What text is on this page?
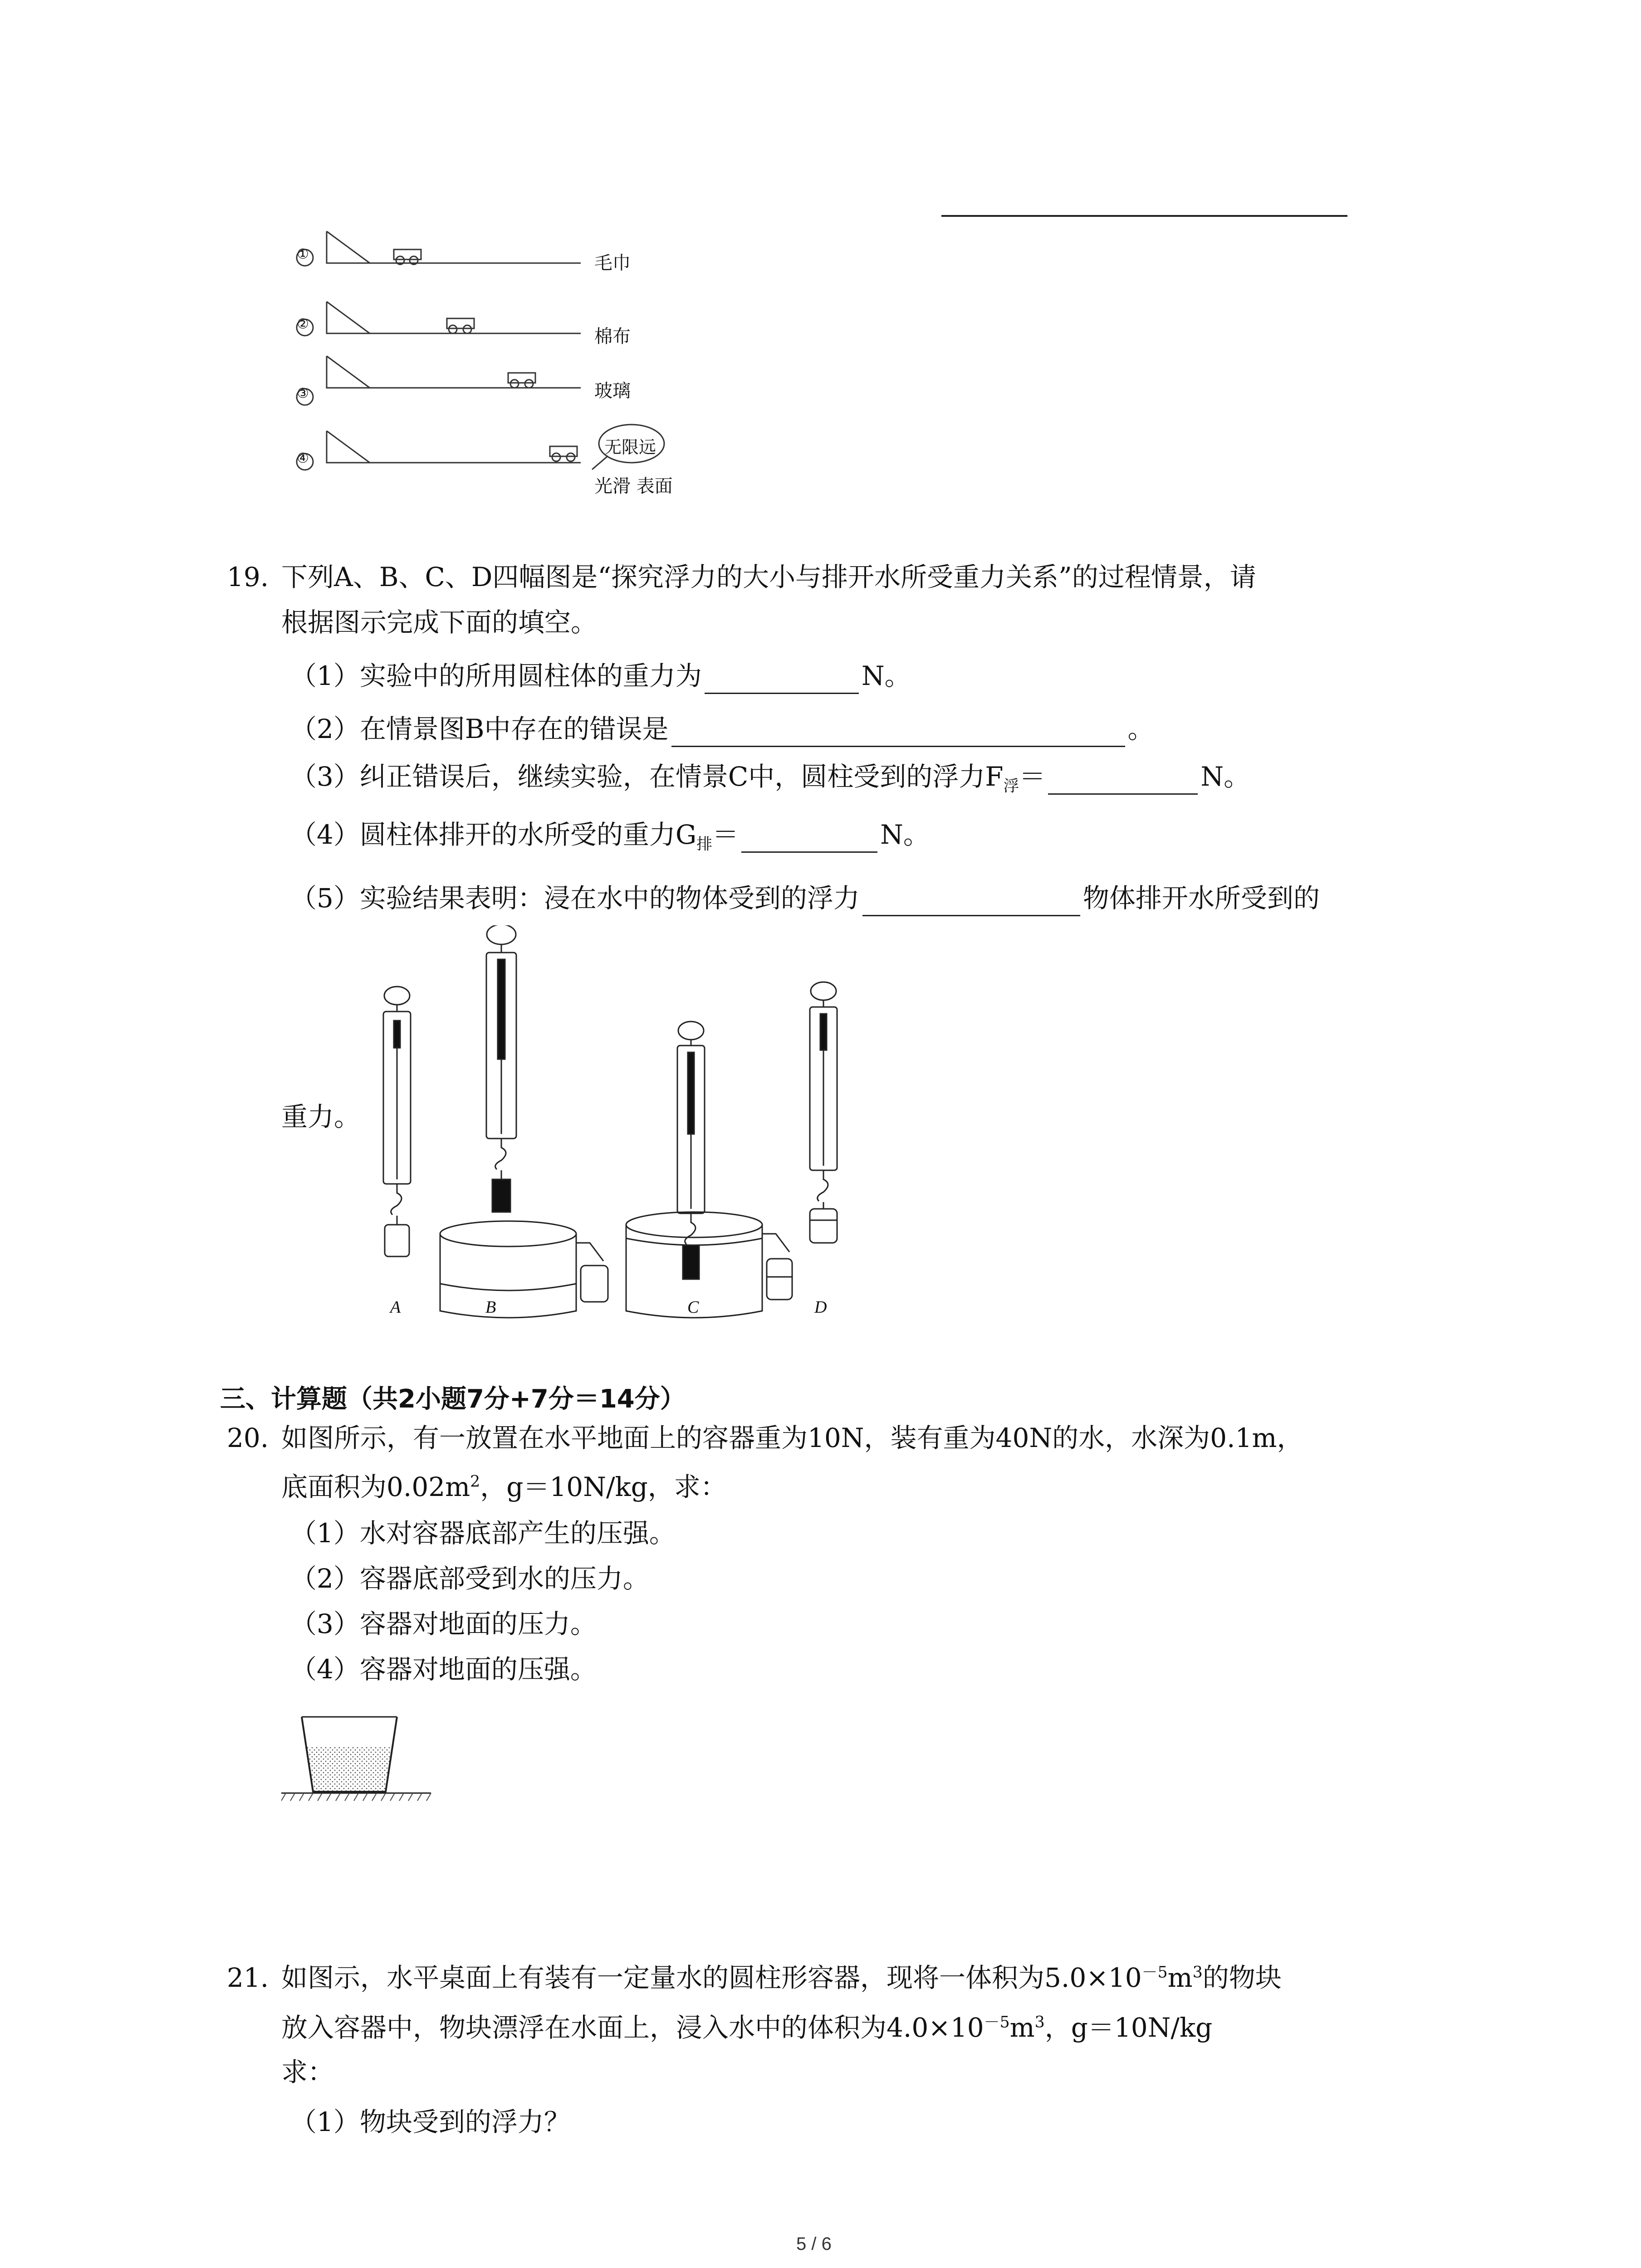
①
②
③
④
毛巾
棉布
玻璃
光滑 表面
无限远
19. 下列A、B、C、D四幅图是“探究浮力的大小与排开水所受重力关系”的过程情景，请
根据图示完成下面的填空。
（1）实验中的所用圆柱体的重力为	N。
（2）在情景图B中存在的错误是	。
（3）纠正错误后，继续实验，在情景C中，圆柱受到的浮力$F_浮=$	N。
（4）圆柱体排开的水所受的重力$G_排=$	N。
（5）实验结果表明：浸在水中的物体受到的浮力	物体排开水所受到的
重力。
A	B	C	D
三、计算题（共2小题7分+7分＝14分）
20. 如图所示，有一放置在水平地面上的容器重为10N，装有重为40N的水，水深为0.1m，
底面积为$0.02m^2$，g＝10N/kg，求：
（1）水对容器底部产生的压强。
（2）容器底部受到水的压力。
（3）容器对地面的压力。
（4）容器对地面的压强。
21. 如图示，水平桌面上有装有一定量水的圆柱形容器，现将一体积为$5.0\times 10^{-5}m^3$的物块
放入容器中，物块漂浮在水面上，浸入水中的体积为$4.0\times 10^{-5}m^3$，g＝10N/kg
求：
（1）物块受到的浮力？
5 / 6
